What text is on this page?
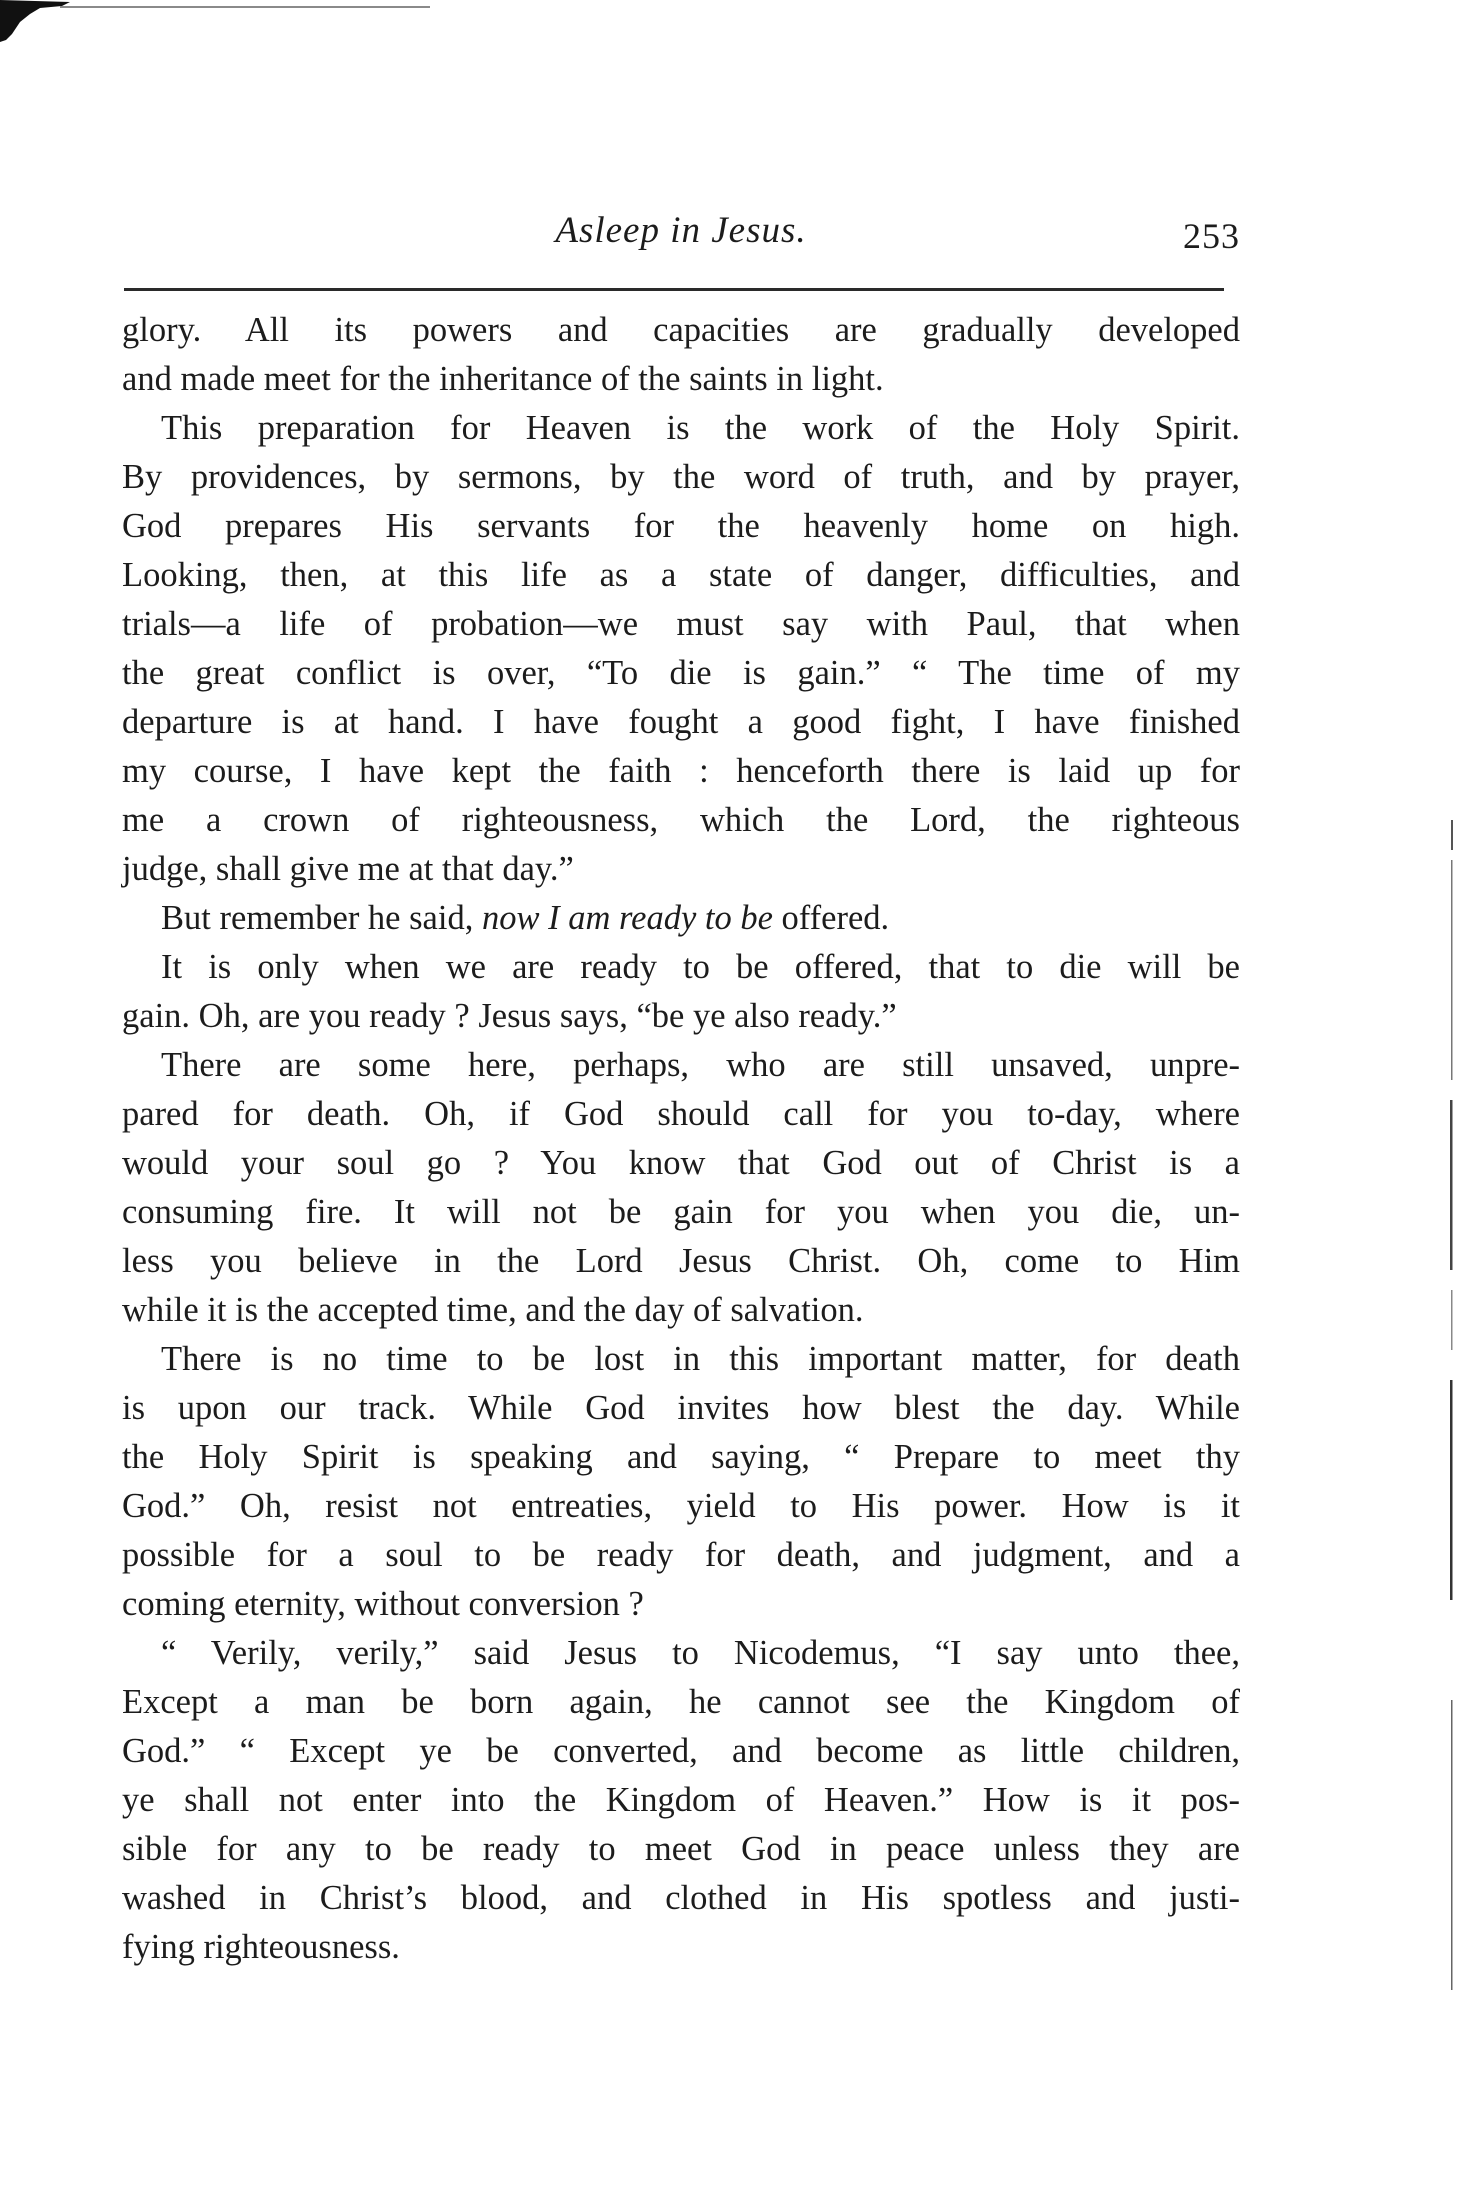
Asleep in Jesus.	253
glory. All its powers and capacities are gradually developed
and made meet for the inheritance of the saints in light.
This preparation for Heaven is the work of the Holy Spirit.
By providences, by sermons, by the word of truth, and by prayer,
God prepares His servants for the heavenly home on high.
Looking, then, at this life as a state of danger, difficulties, and
trials—a life of probation—we must say with Paul, that when
the great conflict is over, “To die is gain.” “ The time of my
departure is at hand. I have fought a good fight, I have finished
my course, I have kept the faith : henceforth there is laid up for
me a crown of righteousness, which the Lord, the righteous
judge, shall give me at that day.”
But remember he said, now I am ready to be offered.
It is only when we are ready to be offered, that to die will be
gain. Oh, are you ready ? Jesus says, “be ye also ready.”
There are some here, perhaps, who are still unsaved, unpre-
pared for death. Oh, if God should call for you to-day, where
would your soul go ? You know that God out of Christ is a
consuming fire. It will not be gain for you when you die, un-
less you believe in the Lord Jesus Christ. Oh, come to Him
while it is the accepted time, and the day of salvation.
There is no time to be lost in this important matter, for death
is upon our track. While God invites how blest the day. While
the Holy Spirit is speaking and saying, “ Prepare to meet thy
God.” Oh, resist not entreaties, yield to His power. How is it
possible for a soul to be ready for death, and judgment, and a
coming eternity, without conversion ?
“ Verily, verily,” said Jesus to Nicodemus, “I say unto thee,
Except a man be born again, he cannot see the Kingdom of
God.” “ Except ye be converted, and become as little children,
ye shall not enter into the Kingdom of Heaven.” How is it pos-
sible for any to be ready to meet God in peace unless they are
washed in Christ’s blood, and clothed in His spotless and justi-
fying righteousness.
